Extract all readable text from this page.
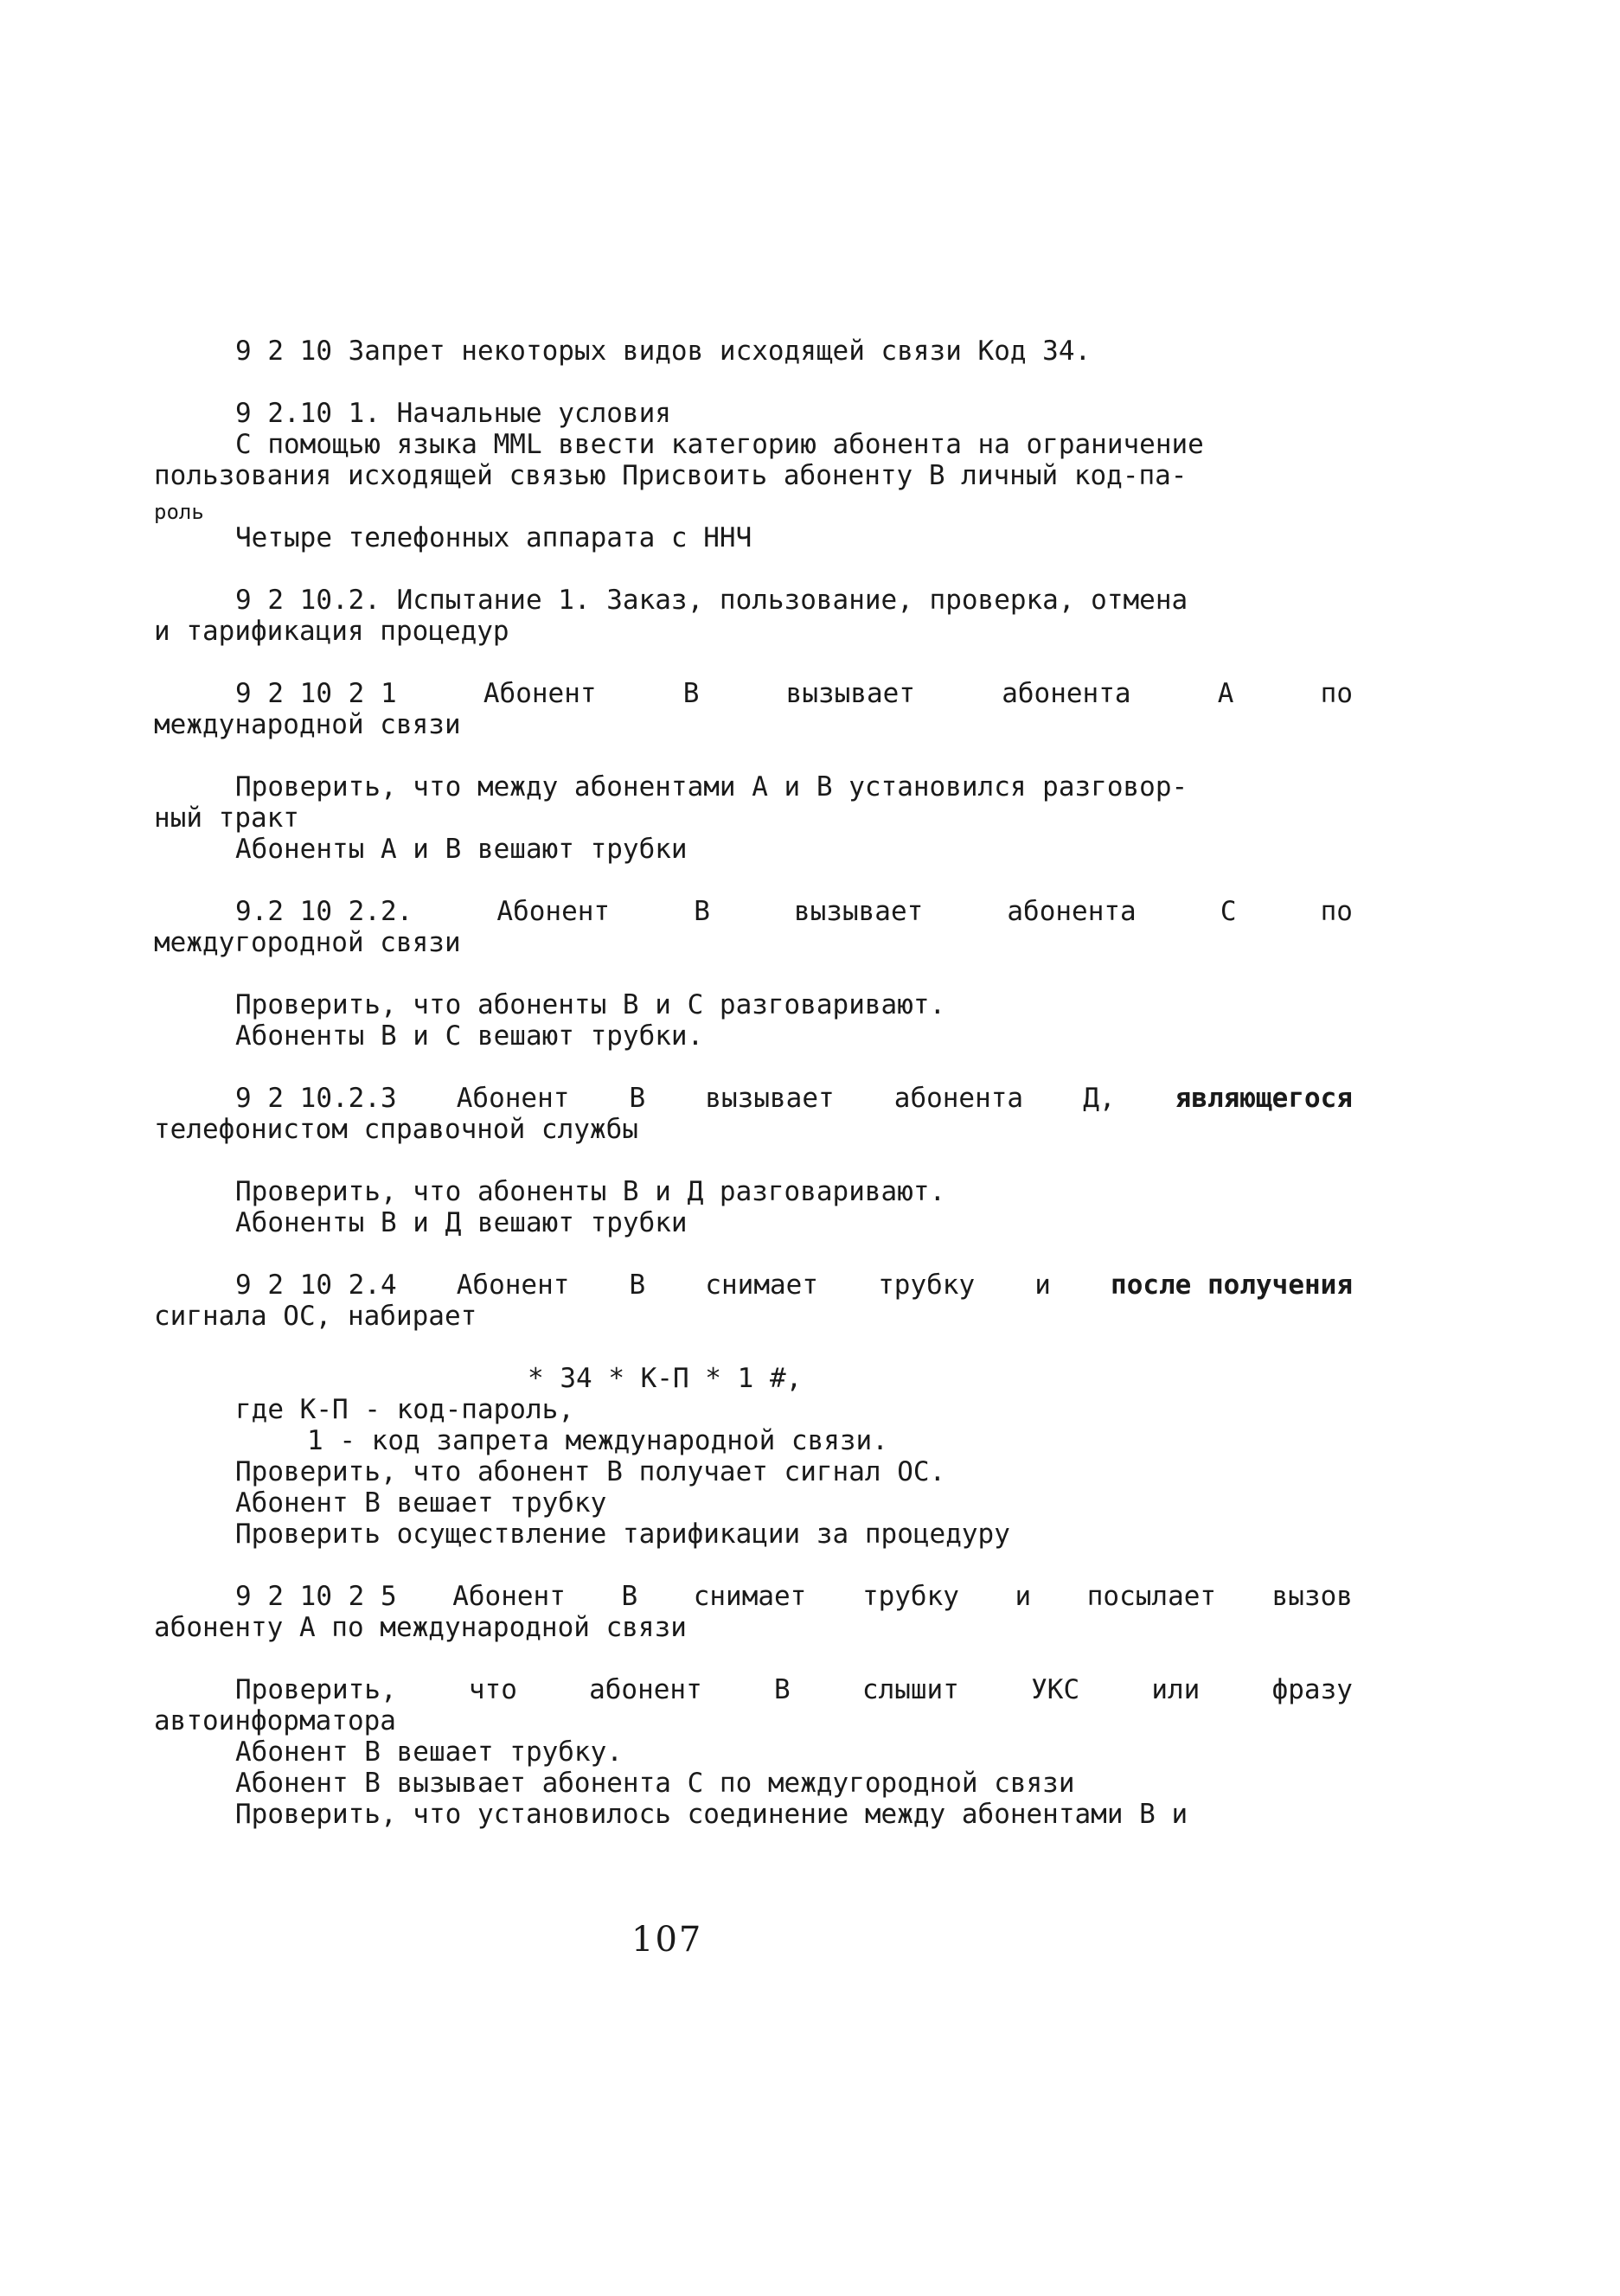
9 2 10 Запрет некоторых видов исходящей связи Код 34.
9 2.10 1. Начальные условия
С помощью языка MML ввести категорию абонента на ограничение
пользования исходящей связью Присвоить абоненту В личный код-па-
роль
Четыре телефонных аппарата с ННЧ
9 2 10.2. Испытание 1. Заказ, пользование, проверка, отмена
и тарификация процедур
9 2 10 2 1	Абонент	В	вызывает	абонента	А	по
международной связи
Проверить, что между абонентами А и В установился разговор-
ный тракт
Абоненты А и В вешают трубки
9.2 10 2.2.	Абонент	В	вызывает	абонента	С	по
междугородной связи
Проверить, что абоненты В и С разговаривают.
Абоненты В и С вешают трубки.
9 2 10.2.3 Абонент В вызывает абонента Д, являющегося
телефонистом справочной службы
Проверить, что абоненты В и Д разговаривают.
Абоненты В и Д вешают трубки
9 2 10 2.4 Абонент В снимает трубку и после получения
сигнала ОС, набирает
* 34 * К-П * 1 #,
где К-П - код-пароль,
1 - код запрета международной связи.
Проверить, что абонент В получает сигнал ОС.
Абонент В вешает трубку
Проверить осуществление тарификации за процедуру
9 2 10 2 5 Абонент В снимает трубку и посылает вызов
абоненту А по международной связи
Проверить,	что	абонент	В	слышит	УКС	или	фразу
автоинформатора
Абонент В вешает трубку.
Абонент В вызывает абонента С по междугородной связи
Проверить, что установилось соединение между абонентами В и
107
